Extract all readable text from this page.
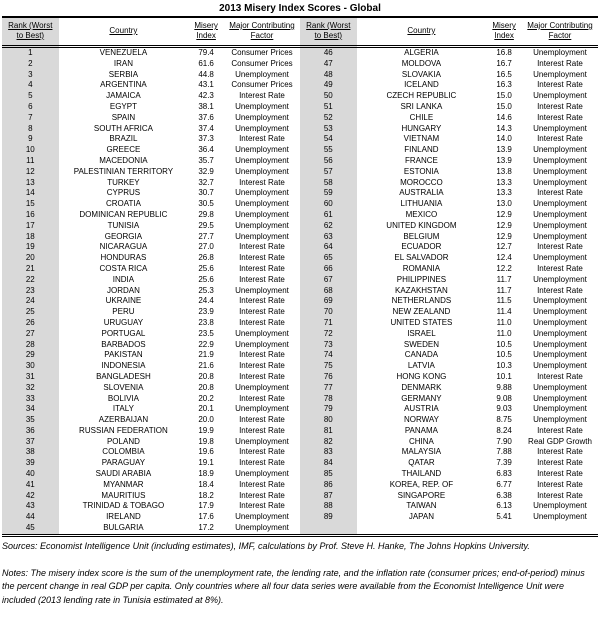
2013 Misery Index Scores - Global
Rank (Worst
to Best)	Country	Misery
Index	Major Contributing
Factor
1	VENEZUELA	79.4	Consumer Prices
2	IRAN	61.6	Consumer Prices
3	SERBIA	44.8	Unemployment
4	ARGENTINA	43.1	Consumer Prices
5	JAMAICA	42.3	Interest Rate
6	EGYPT	38.1	Unemployment
7	SPAIN	37.6	Unemployment
8	SOUTH AFRICA	37.4	Unemployment
9	BRAZIL	37.3	Interest Rate
10	GREECE	36.4	Unemployment
11	MACEDONIA	35.7	Unemployment
12	PALESTINIAN TERRITORY	32.9	Unemployment
13	TURKEY	32.7	Interest Rate
14	CYPRUS	30.7	Unemployment
15	CROATIA	30.5	Unemployment
16	DOMINICAN REPUBLIC	29.8	Unemployment
17	TUNISIA	29.5	Unemployment
18	GEORGIA	27.7	Unemployment
19	NICARAGUA	27.0	Interest Rate
20	HONDURAS	26.8	Interest Rate
21	COSTA RICA	25.6	Interest Rate
22	INDIA	25.6	Interest Rate
23	JORDAN	25.3	Unemployment
24	UKRAINE	24.4	Interest Rate
25	PERU	23.9	Interest Rate
26	URUGUAY	23.8	Interest Rate
27	PORTUGAL	23.5	Unemployment
28	BARBADOS	22.9	Unemployment
29	PAKISTAN	21.9	Interest Rate
30	INDONESIA	21.6	Interest Rate
31	BANGLADESH	20.8	Interest Rate
32	SLOVENIA	20.8	Unemployment
33	BOLIVIA	20.2	Interest Rate
34	ITALY	20.1	Unemployment
35	AZERBAIJAN	20.0	Interest Rate
36	RUSSIAN FEDERATION	19.9	Interest Rate
37	POLAND	19.8	Unemployment
38	COLOMBIA	19.6	Interest Rate
39	PARAGUAY	19.1	Interest Rate
40	SAUDI ARABIA	18.9	Unemployment
41	MYANMAR	18.4	Interest Rate
42	MAURITIUS	18.2	Interest Rate
43	TRINIDAD & TOBAGO	17.9	Interest Rate
44	IRELAND	17.6	Unemployment
45	BULGARIA	17.2	Unemployment
Rank (Worst
to Best)	Country	Misery
Index	Major Contributing
Factor
46	ALGERIA	16.8	Unemployment
47	MOLDOVA	16.7	Interest Rate
48	SLOVAKIA	16.5	Unemployment
49	ICELAND	16.3	Interest Rate
50	CZECH REPUBLIC	15.0	Unemployment
51	SRI LANKA	15.0	Interest Rate
52	CHILE	14.6	Interest Rate
53	HUNGARY	14.3	Unemployment
54	VIETNAM	14.0	Interest Rate
55	FINLAND	13.9	Unemployment
56	FRANCE	13.9	Unemployment
57	ESTONIA	13.8	Unemployment
58	MOROCCO	13.3	Unemployment
59	AUSTRALIA	13.3	Interest Rate
60	LITHUANIA	13.0	Unemployment
61	MEXICO	12.9	Unemployment
62	UNITED KINGDOM	12.9	Unemployment
63	BELGIUM	12.9	Unemployment
64	ECUADOR	12.7	Interest Rate
65	EL SALVADOR	12.4	Unemployment
66	ROMANIA	12.2	Interest Rate
67	PHILIPPINES	11.7	Unemployment
68	KAZAKHSTAN	11.7	Interest Rate
69	NETHERLANDS	11.5	Unemployment
70	NEW ZEALAND	11.4	Unemployment
71	UNITED STATES	11.0	Unemployment
72	ISRAEL	11.0	Unemployment
73	SWEDEN	10.5	Unemployment
74	CANADA	10.5	Unemployment
75	LATVIA	10.3	Unemployment
76	HONG KONG	10.1	Interest Rate
77	DENMARK	9.88	Unemployment
78	GERMANY	9.08	Unemployment
79	AUSTRIA	9.03	Unemployment
80	NORWAY	8.75	Unemployment
81	PANAMA	8.24	Interest Rate
82	CHINA	7.90	Real GDP Growth
83	MALAYSIA	7.88	Interest Rate
84	QATAR	7.39	Interest Rate
85	THAILAND	6.83	Interest Rate
86	KOREA, REP. OF	6.77	Interest Rate
87	SINGAPORE	6.38	Interest Rate
88	TAIWAN	6.13	Unemployment
89	JAPAN	5.41	Unemployment

Sources: Economist Intelligence Unit (including estimates), IMF, calculations by Prof. Steve H. Hanke, The Johns Hopkins University.
Notes: The misery index score is the sum of the unemployment rate, the lending rate, and the inflation rate (consumer prices; end-of-period) minus the percent change in real GDP per capita. Only countries where all four data series were available from the Economist Intelligence Unit were included (2013 lending rate in Tunisia estimated at 8%).
